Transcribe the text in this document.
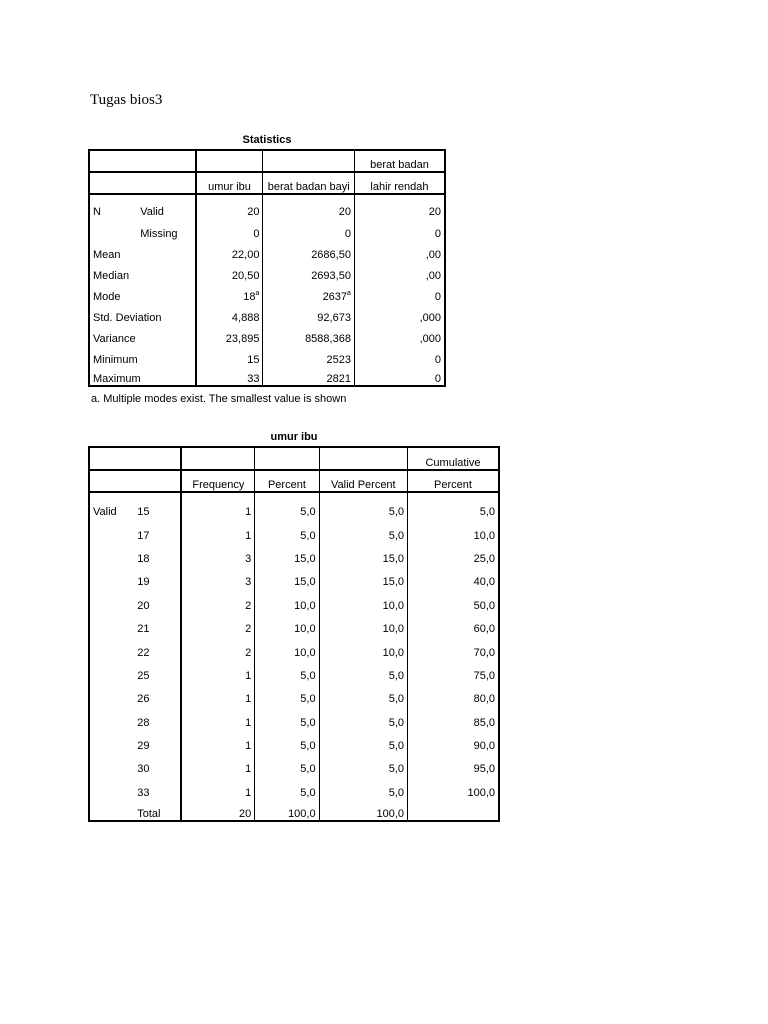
Tugas bios3
Statistics
				berat badan
		umur ibu	berat badan bayi	lahir rendah
N	Valid	20	20	20
	Missing	0	0	0
Mean		22,00	2686,50	,00
Median		20,50	2693,50	,00
Mode		18$^a$	2637$^a$	0
Std. Deviation		4,888	92,673	,000
Variance		23,895	8588,368	,000
Minimum		15	2523	0
Maximum		33	2821	0
a. Multiple modes exist. The smallest value is shown
umur ibu
					Cumulative
		Frequency	Percent	Valid Percent	Percent
Valid	15	1	5,0	5,0	5,0
	17	1	5,0	5,0	10,0
	18	3	15,0	15,0	25,0
	19	3	15,0	15,0	40,0
	20	2	10,0	10,0	50,0
	21	2	10,0	10,0	60,0
	22	2	10,0	10,0	70,0
	25	1	5,0	5,0	75,0
	26	1	5,0	5,0	80,0
	28	1	5,0	5,0	85,0
	29	1	5,0	5,0	90,0
	30	1	5,0	5,0	95,0
	33	1	5,0	5,0	100,0
	Total	20	100,0	100,0	
